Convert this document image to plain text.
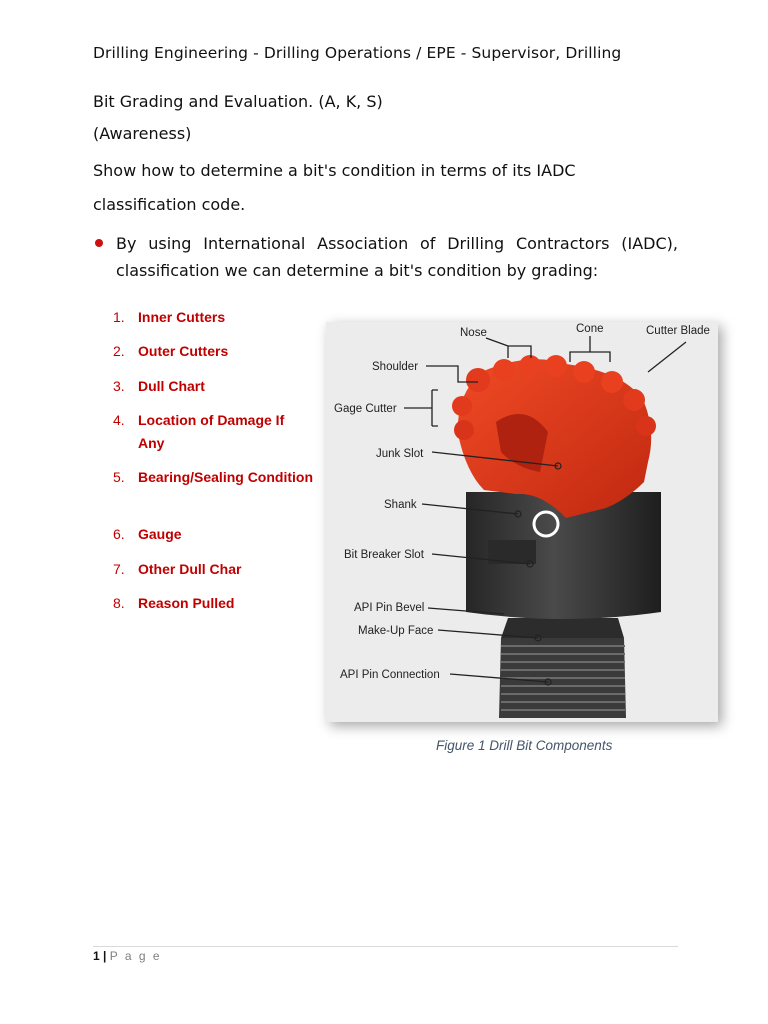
Drilling Engineering - Drilling Operations / EPE - Supervisor, Drilling
Bit Grading and Evaluation. (A, K, S)
(Awareness)
Show how to determine a bit's condition in terms of its IADC
classification code.
By using International Association of Drilling Contractors (IADC),
classification we can determine a bit's condition by grading:
1. Inner Cutters
2. Outer Cutters
3. Dull Chart
4. Location of Damage If Any
5. Bearing/Sealing Condition
6. Gauge
7. Other Dull Char
8. Reason Pulled
Nose	Cone	Cutter Blade
Shoulder
Gage Cutter
Junk Slot
Shank
Bit Breaker Slot
API Pin Bevel
Make-Up Face
API Pin Connection
Figure 1 Drill Bit Components
1 | P a g e
